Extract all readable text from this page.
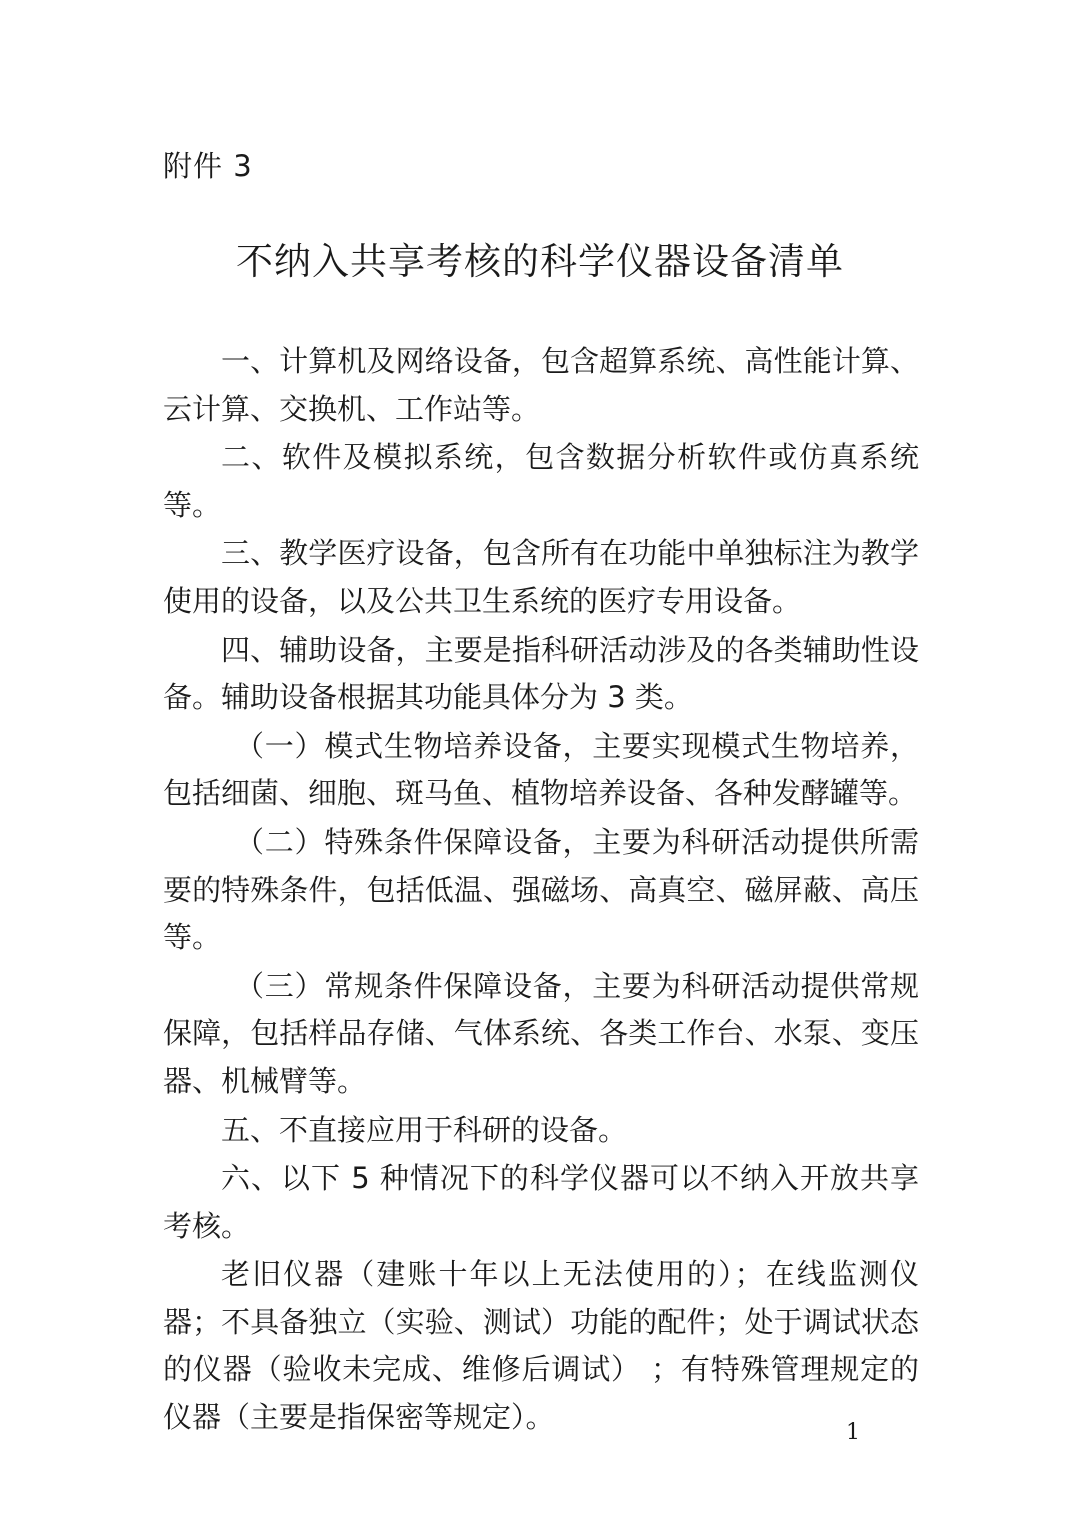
附件 3
不纳入共享考核的科学仪器设备清单

一、计算机及网络设备，包含超算系统、高性能计算、云计算、交换机、工作站等。

二、软件及模拟系统，包含数据分析软件或仿真系统等。

三、教学医疗设备，包含所有在功能中单独标注为教学使用的设备，以及公共卫生系统的医疗专用设备。

四、辅助设备，主要是指科研活动涉及的各类辅助性设备。辅助设备根据其功能具体分为 3 类。

（一）模式生物培养设备，主要实现模式生物培养，包括细菌、细胞、斑马鱼、植物培养设备、各种发酵罐等。

（二）特殊条件保障设备，主要为科研活动提供所需要的特殊条件，包括低温、强磁场、高真空、磁屏蔽、高压等。

（三）常规条件保障设备，主要为科研活动提供常规保障，包括样品存储、气体系统、各类工作台、水泵、变压器、机械臂等。

五、不直接应用于科研的设备。

六、以下 5 种情况下的科学仪器可以不纳入开放共享考核。

老旧仪器（建账十年以上无法使用的）；在线监测仪器；不具备独立（实验、测试）功能的配件；处于调试状态的仪器（验收未完成、维修后调试） ；有特殊管理规定的仪器（主要是指保密等规定）。	1
